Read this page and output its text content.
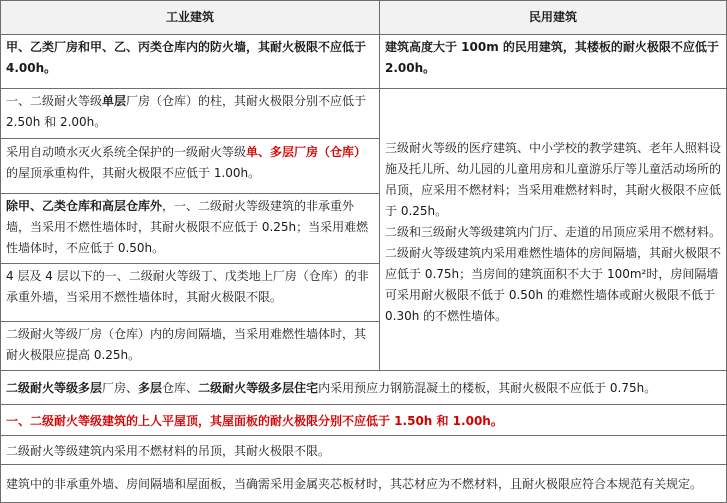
工业建筑	民用建筑
甲、乙类厂房和甲、乙、丙类仓库内的防火墙，其耐火极限不应低于4.00h。
一、二级耐火等级单层厂房（仓库）的柱，其耐火极限分别不应低于2.50h 和 2.00h。
采用自动喷水灭火系统全保护的一级耐火等级单、多层厂房（仓库）的屋顶承重构件，其耐火极限不应低于 1.00h。
除甲、乙类仓库和高层仓库外，一、二级耐火等级建筑的非承重外墙，当采用不燃性墙体时，其耐火极限不应低于 0.25h；当采用难燃性墙体时，不应低于 0.50h。
4 层及 4 层以下的一、二级耐火等级丁、戊类地上厂房（仓库）的非承重外墙，当采用不燃性墙体时，其耐火极限不限。
二级耐火等级厂房（仓库）内的房间隔墙，当采用难燃性墙体时，其耐火极限应提高 0.25h。
建筑高度大于 100m 的民用建筑，其楼板的耐火极限不应低于2.00h。
三级耐火等级的医疗建筑、中小学校的教学建筑、老年人照料设施及托儿所、幼儿园的儿童用房和儿童游乐厅等儿童活动场所的吊顶，应采用不燃材料；当采用难燃材料时，其耐火极限不应低于 0.25h。
二级和三级耐火等级建筑内门厅、走道的吊顶应采用不燃材料。
二级耐火等级建筑内采用难燃性墙体的房间隔墙，其耐火极限不应低于 0.75h；当房间的建筑面积不大于 100m²时，房间隔墙可采用耐火极限不低于 0.50h 的难燃性墙体或耐火极限不低于0.30h 的不燃性墙体。
二级耐火等级多层厂房、多层仓库、二级耐火等级多层住宅内采用预应力钢筋混凝土的楼板，其耐火极限不应低于 0.75h。
一、二级耐火等级建筑的上人平屋顶，其屋面板的耐火极限分别不应低于 1.50h 和 1.00h。
二级耐火等级建筑内采用不燃材料的吊顶，其耐火极限不限。
建筑中的非承重外墙、房间隔墙和屋面板，当确需采用金属夹芯板材时，其芯材应为不燃材料，且耐火极限应符合本规范有关规定。
